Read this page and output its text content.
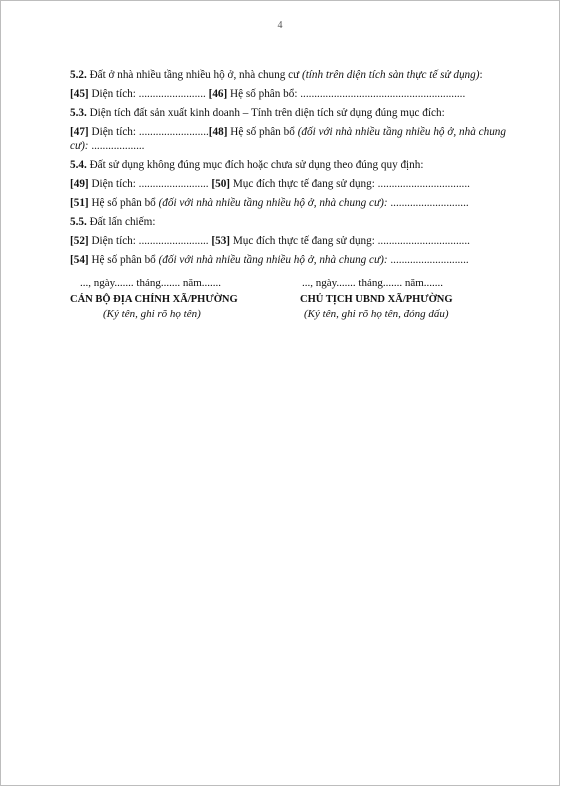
4
5.2. Đất ở nhà nhiều tầng nhiều hộ ở, nhà chung cư (tính trên diện tích sàn thực tế sử dụng):
[45] Diện tích: ........................ [46] Hệ số phân bổ: ...........................................................
5.3. Diện tích đất sản xuất kinh doanh – Tính trên diện tích sử dụng đúng mục đích:
[47] Diện tích: .........................[48] Hệ số phân bổ (đối với nhà nhiều tầng nhiều hộ ở, nhà chung cư): ...................
5.4. Đất sử dụng không đúng mục đích hoặc chưa sử dụng theo đúng quy định:
[49] Diện tích: ......................... [50] Mục đích thực tế đang sử dụng: .................................
[51] Hệ số phân bổ (đối với nhà nhiều tầng nhiều hộ ở, nhà chung cư): ............................
5.5. Đất lấn chiếm:
[52] Diện tích: ......................... [53] Mục đích thực tế đang sử dụng: .................................
[54] Hệ số phân bổ (đối với nhà nhiều tầng nhiều hộ ở, nhà chung cư): ............................
..., ngày....... tháng....... năm.......
CÁN BỘ ĐỊA CHÍNH XÃ/PHƯỜNG
(Ký tên, ghi rõ họ tên)
..., ngày....... tháng....... năm.......
CHỦ TỊCH UBND XÃ/PHƯỜNG
(Ký tên, ghi rõ họ tên, đóng dấu)
